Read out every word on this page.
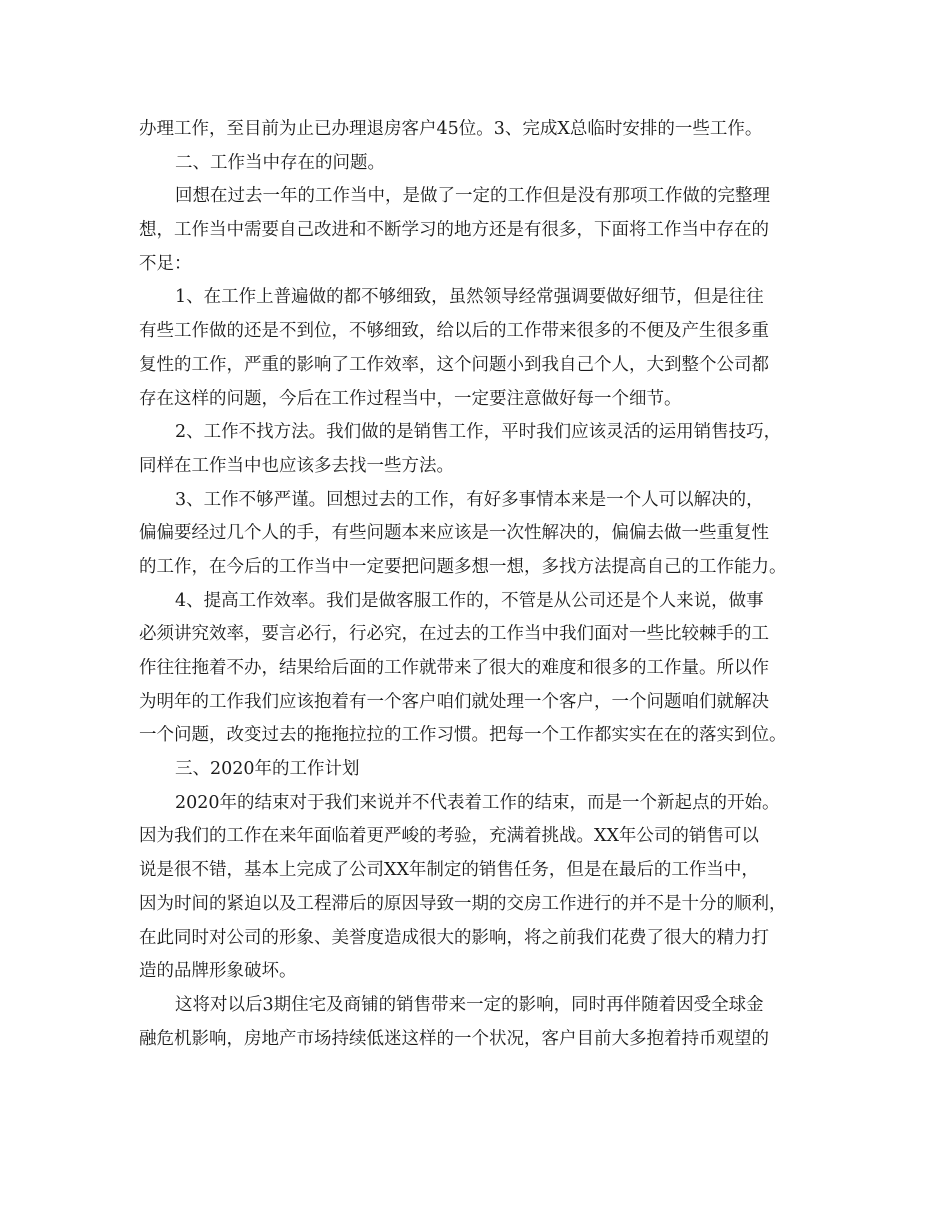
办理工作，至目前为止已办理退房客户45位。3、完成X总临时安排的一些工作。
二、工作当中存在的问题。
回想在过去一年的工作当中，是做了一定的工作但是没有那项工作做的完整理
想，工作当中需要自己改进和不断学习的地方还是有很多，下面将工作当中存在的
不足：
1、在工作上普遍做的都不够细致，虽然领导经常强调要做好细节，但是往往
有些工作做的还是不到位，不够细致，给以后的工作带来很多的不便及产生很多重
复性的工作，严重的影响了工作效率，这个问题小到我自己个人，大到整个公司都
存在这样的问题，今后在工作过程当中，一定要注意做好每一个细节。
2、工作不找方法。我们做的是销售工作，平时我们应该灵活的运用销售技巧，
同样在工作当中也应该多去找一些方法。
3、工作不够严谨。回想过去的工作，有好多事情本来是一个人可以解决的，
偏偏要经过几个人的手，有些问题本来应该是一次性解决的，偏偏去做一些重复性
的工作，在今后的工作当中一定要把问题多想一想，多找方法提高自己的工作能力。
4、提高工作效率。我们是做客服工作的，不管是从公司还是个人来说，做事
必须讲究效率，要言必行，行必究，在过去的工作当中我们面对一些比较棘手的工
作往往拖着不办，结果给后面的工作就带来了很大的难度和很多的工作量。所以作
为明年的工作我们应该抱着有一个客户咱们就处理一个客户，一个问题咱们就解决
一个问题，改变过去的拖拖拉拉的工作习惯。把每一个工作都实实在在的落实到位。
三、2020年的工作计划
2020年的结束对于我们来说并不代表着工作的结束，而是一个新起点的开始。
因为我们的工作在来年面临着更严峻的考验，充满着挑战。XX年公司的销售可以
说是很不错，基本上完成了公司XX年制定的销售任务，但是在最后的工作当中，
因为时间的紧迫以及工程滞后的原因导致一期的交房工作进行的并不是十分的顺利，
在此同时对公司的形象、美誉度造成很大的影响，将之前我们花费了很大的精力打
造的品牌形象破坏。
这将对以后3期住宅及商铺的销售带来一定的影响，同时再伴随着因受全球金
融危机影响，房地产市场持续低迷这样的一个状况，客户目前大多抱着持币观望的
